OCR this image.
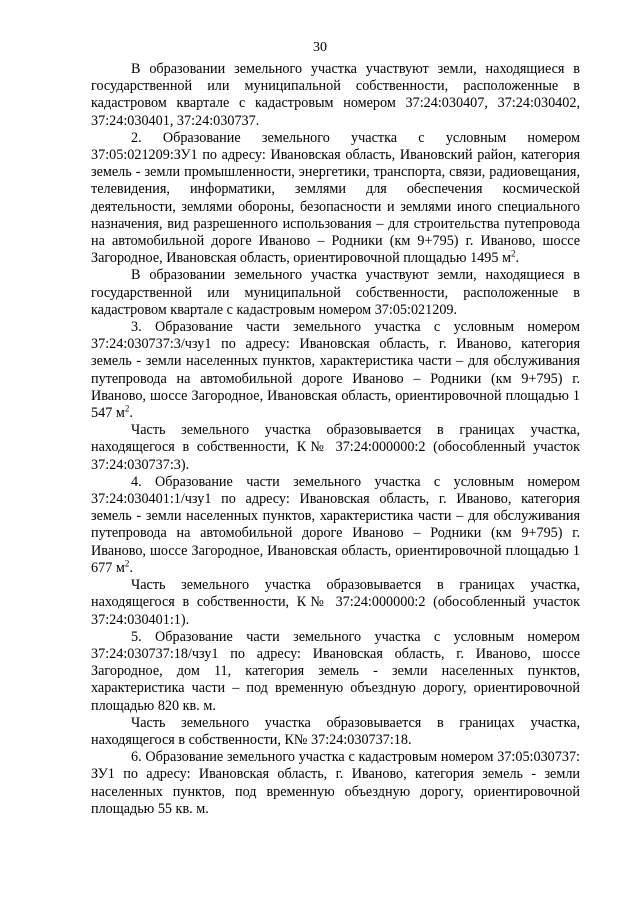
30

В образовании земельного участка участвуют земли, находящиеся в государственной или муниципальной собственности, расположенные в кадастровом квартале с кадастровым номером 37:24:030407, 37:24:030402, 37:24:030401, 37:24:030737.

2. Образование земельного участка с условным номером 37:05:021209:ЗУ1 по адресу: Ивановская область, Ивановский район, категория земель - земли промышленности, энергетики, транспорта, связи, радиовещания, телевидения, информатики, землями для обеспечения космической деятельности, землями обороны, безопасности и землями иного специального назначения, вид разрешенного использования – для строительства путепровода на автомобильной дороге Иваново – Родники (км 9+795) г. Иваново, шоссе Загородное, Ивановская область, ориентировочной площадью 1495 $м^2$.

В образовании земельного участка участвуют земли, находящиеся в государственной или муниципальной собственности, расположенные в кадастровом квартале с кадастровым номером 37:05:021209.

3. Образование части земельного участка с условным номером 37:24:030737:3/чзу1 по адресу: Ивановская область, г. Иваново, категория земель - земли населенных пунктов, характеристика части – для обслуживания путепровода на автомобильной дороге Иваново – Родники (км 9+795) г. Иваново, шоссе Загородное, Ивановская область, ориентировочной площадью 1 547 $м^2$.

Часть земельного участка образовывается в границах участка, находящегося в собственности, К№ 37:24:000000:2 (обособленный участок 37:24:030737:3).

4. Образование части земельного участка с условным номером 37:24:030401:1/чзу1 по адресу: Ивановская область, г. Иваново, категория земель - земли населенных пунктов, характеристика части – для обслуживания путепровода на автомобильной дороге Иваново – Родники (км 9+795) г. Иваново, шоссе Загородное, Ивановская область, ориентировочной площадью 1 677 $м^2$.

Часть земельного участка образовывается в границах участка, находящегося в собственности, К№ 37:24:000000:2 (обособленный участок 37:24:030401:1).

5. Образование части земельного участка с условным номером 37:24:030737:18/чзу1 по адресу: Ивановская область, г. Иваново, шоссе Загородное, дом 11, категория земель - земли населенных пунктов, характеристика части – под временную объездную дорогу, ориентировочной площадью 820 кв. м.

Часть земельного участка образовывается в границах участка, находящегося в собственности, К№ 37:24:030737:18.

6. Образование земельного участка с кадастровым номером 37:05:030737: ЗУ1 по адресу: Ивановская область, г. Иваново, категория земель - земли населенных пунктов, под временную объездную дорогу, ориентировочной площадью 55 кв. м.
